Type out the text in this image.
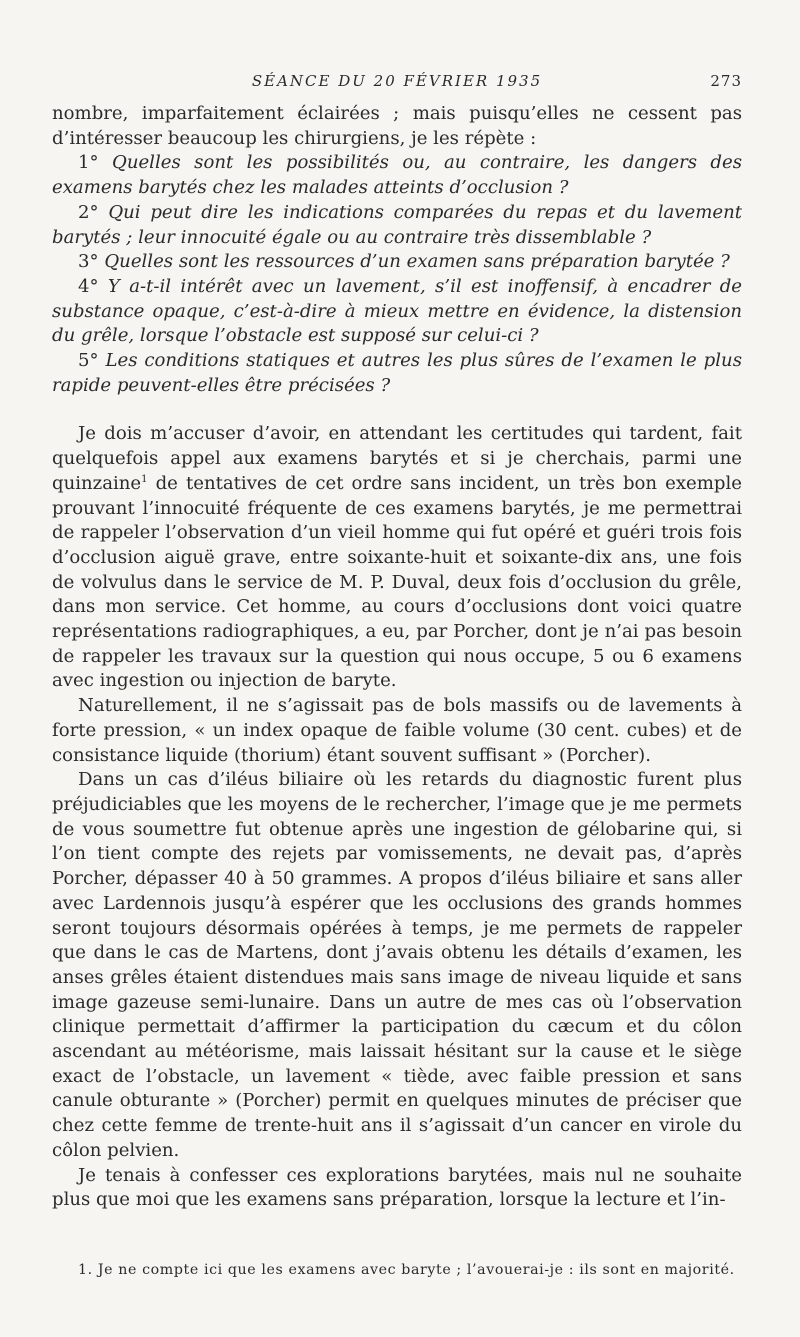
SÉANCE DU 20 FÉVRIER 1935	273

nombre, imparfaitement éclairées ; mais puisqu’elles ne cessent pas d’intéresser beaucoup les chirurgiens, je les répète :

1° Quelles sont les possibilités ou, au contraire, les dangers des examens barytés chez les malades atteints d’occlusion ?

2° Qui peut dire les indications comparées du repas et du lavement barytés ; leur innocuité égale ou au contraire très dissemblable ?

3° Quelles sont les ressources d’un examen sans préparation barytée ?

4° Y a-t-il intérêt avec un lavement, s’il est inoffensif, à encadrer de substance opaque, c’est-à-dire à mieux mettre en évidence, la distension du grêle, lorsque l’obstacle est supposé sur celui-ci ?

5° Les conditions statiques et autres les plus sûres de l’examen le plus rapide peuvent-elles être précisées ?

Je dois m’accuser d’avoir, en attendant les certitudes qui tardent, fait quelquefois appel aux examens barytés et si je cherchais, parmi une quinzaine$^1$ de tentatives de cet ordre sans incident, un très bon exemple prouvant l’innocuité fréquente de ces examens barytés, je me permettrai de rappeler l’observation d’un vieil homme qui fut opéré et guéri trois fois d’occlusion aiguë grave, entre soixante-huit et soixante-dix ans, une fois de volvulus dans le service de M. P. Duval, deux fois d’occlusion du grêle, dans mon service. Cet homme, au cours d’occlusions dont voici quatre représentations radiographiques, a eu, par Porcher, dont je n’ai pas besoin de rappeler les travaux sur la question qui nous occupe, 5 ou 6 examens avec ingestion ou injection de baryte.

Naturellement, il ne s’agissait pas de bols massifs ou de lavements à forte pression, « un index opaque de faible volume (30 cent. cubes) et de consistance liquide (thorium) étant souvent suffisant » (Porcher).

Dans un cas d’iléus biliaire où les retards du diagnostic furent plus préjudiciables que les moyens de le rechercher, l’image que je me permets de vous soumettre fut obtenue après une ingestion de gélobarine qui, si l’on tient compte des rejets par vomissements, ne devait pas, d’après Porcher, dépasser 40 à 50 grammes. A propos d’iléus biliaire et sans aller avec Lardennois jusqu’à espérer que les occlusions des grands hommes seront toujours désormais opérées à temps, je me permets de rappeler que dans le cas de Martens, dont j’avais obtenu les détails d’examen, les anses grêles étaient distendues mais sans image de niveau liquide et sans image gazeuse semi-lunaire. Dans un autre de mes cas où l’observation clinique permettait d’affirmer la participation du cæcum et du côlon ascendant au météorisme, mais laissait hésitant sur la cause et le siège exact de l’obstacle, un lavement « tiède, avec faible pression et sans canule obturante » (Porcher) permit en quelques minutes de préciser que chez cette femme de trente-huit ans il s’agissait d’un cancer en virole du côlon pelvien.

Je tenais à confesser ces explorations barytées, mais nul ne souhaite plus que moi que les examens sans préparation, lorsque la lecture et l’in-

1. Je ne compte ici que les examens avec baryte ; l’avouerai-je : ils sont en majorité.
